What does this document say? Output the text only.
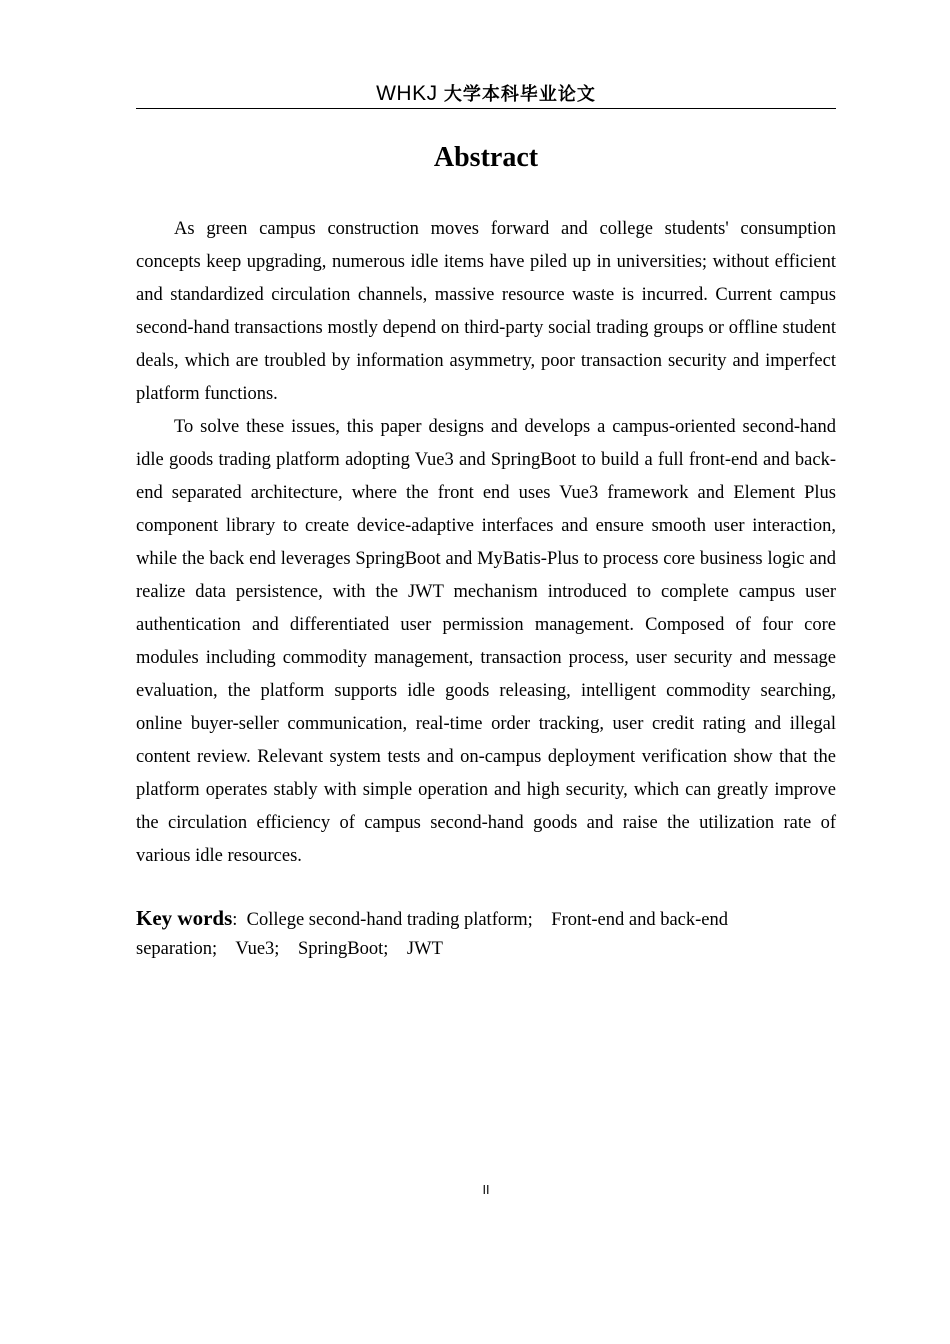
WHKJ 大学本科毕业论文
Abstract

As green campus construction moves forward and college students' consumption concepts keep upgrading, numerous idle items have piled up in universities; without efficient and standardized circulation channels, massive resource waste is incurred. Current campus second-hand transactions mostly depend on third-party social trading groups or offline student deals, which are troubled by information asymmetry, poor transaction security and imperfect platform functions.

To solve these issues, this paper designs and develops a campus-oriented second-hand idle goods trading platform adopting Vue3 and SpringBoot to build a full front-end and back-end separated architecture, where the front end uses Vue3 framework and Element Plus component library to create device-adaptive interfaces and ensure smooth user interaction, while the back end leverages SpringBoot and MyBatis-Plus to process core business logic and realize data persistence, with the JWT mechanism introduced to complete campus user authentication and differentiated user permission management. Composed of four core modules including commodity management, transaction process, user security and message evaluation, the platform supports idle goods releasing, intelligent commodity searching, online buyer-seller communication, real-time order tracking, user credit rating and illegal content review. Relevant system tests and on-campus deployment verification show that the platform operates stably with simple operation and high security, which can greatly improve the circulation efficiency of campus second-hand goods and raise the utilization rate of various idle resources.

Key words: College second-hand trading platform; Front-end and back-end separation; Vue3; SpringBoot; JWT
II
